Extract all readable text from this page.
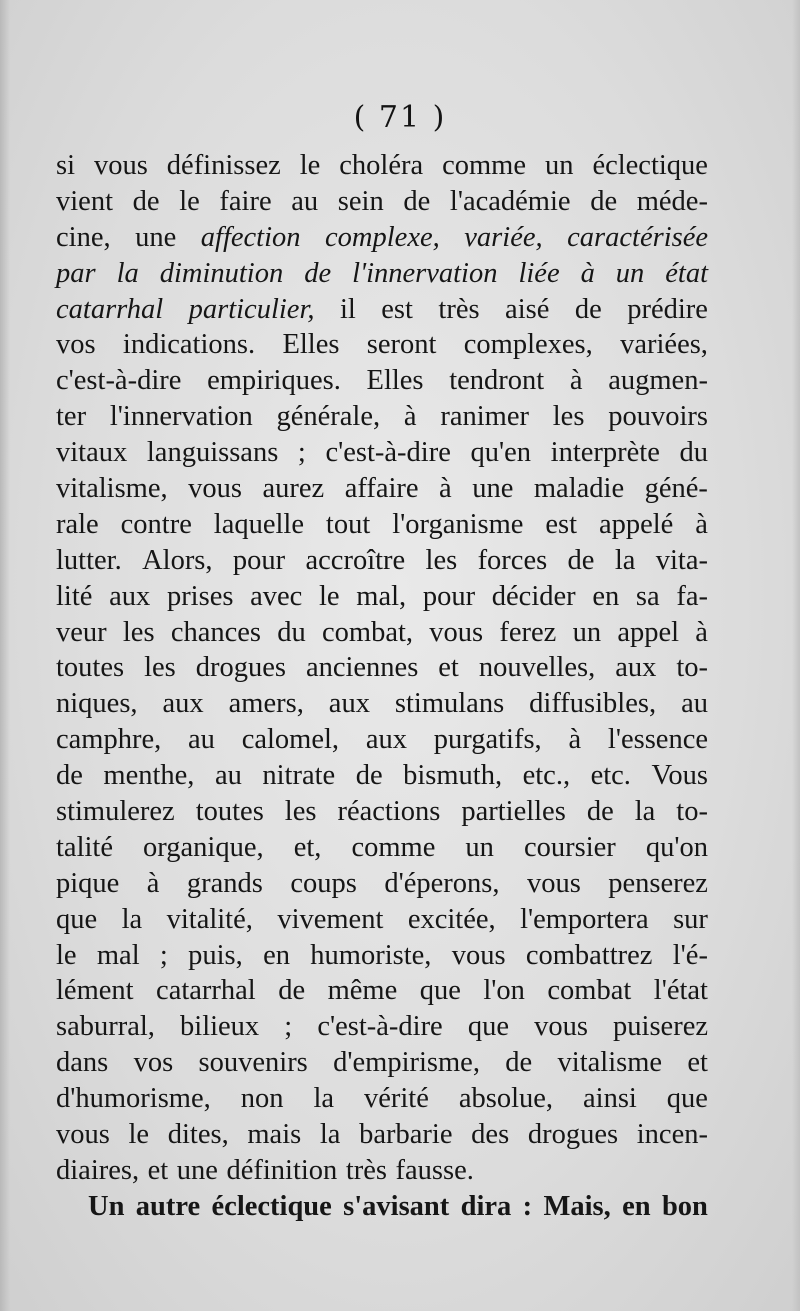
( 71 )
si vous définissez le choléra comme un éclectique
vient de le faire au sein de l'académie de méde-
cine, une affection complexe, variée, caractérisée
par la diminution de l'innervation liée à un état
catarrhal particulier, il est très aisé de prédire
vos indications. Elles seront complexes, variées,
c'est-à-dire empiriques. Elles tendront à augmen-
ter l'innervation générale, à ranimer les pouvoirs
vitaux languissans ; c'est-à-dire qu'en interprète du
vitalisme, vous aurez affaire à une maladie géné-
rale contre laquelle tout l'organisme est appelé à
lutter. Alors, pour accroître les forces de la vita-
lité aux prises avec le mal, pour décider en sa fa-
veur les chances du combat, vous ferez un appel à
toutes les drogues anciennes et nouvelles, aux to-
niques, aux amers, aux stimulans diffusibles, au
camphre, au calomel, aux purgatifs, à l'essence
de menthe, au nitrate de bismuth, etc., etc. Vous
stimulerez toutes les réactions partielles de la to-
talité organique, et, comme un coursier qu'on
pique à grands coups d'éperons, vous penserez
que la vitalité, vivement excitée, l'emportera sur
le mal ; puis, en humoriste, vous combattrez l'é-
lément catarrhal de même que l'on combat l'état
saburral, bilieux ; c'est-à-dire que vous puiserez
dans vos souvenirs d'empirisme, de vitalisme et
d'humorisme, non la vérité absolue, ainsi que
vous le dites, mais la barbarie des drogues incen-
diaires, et une définition très fausse.
Un autre éclectique s'avisant dira : Mais, en bon
